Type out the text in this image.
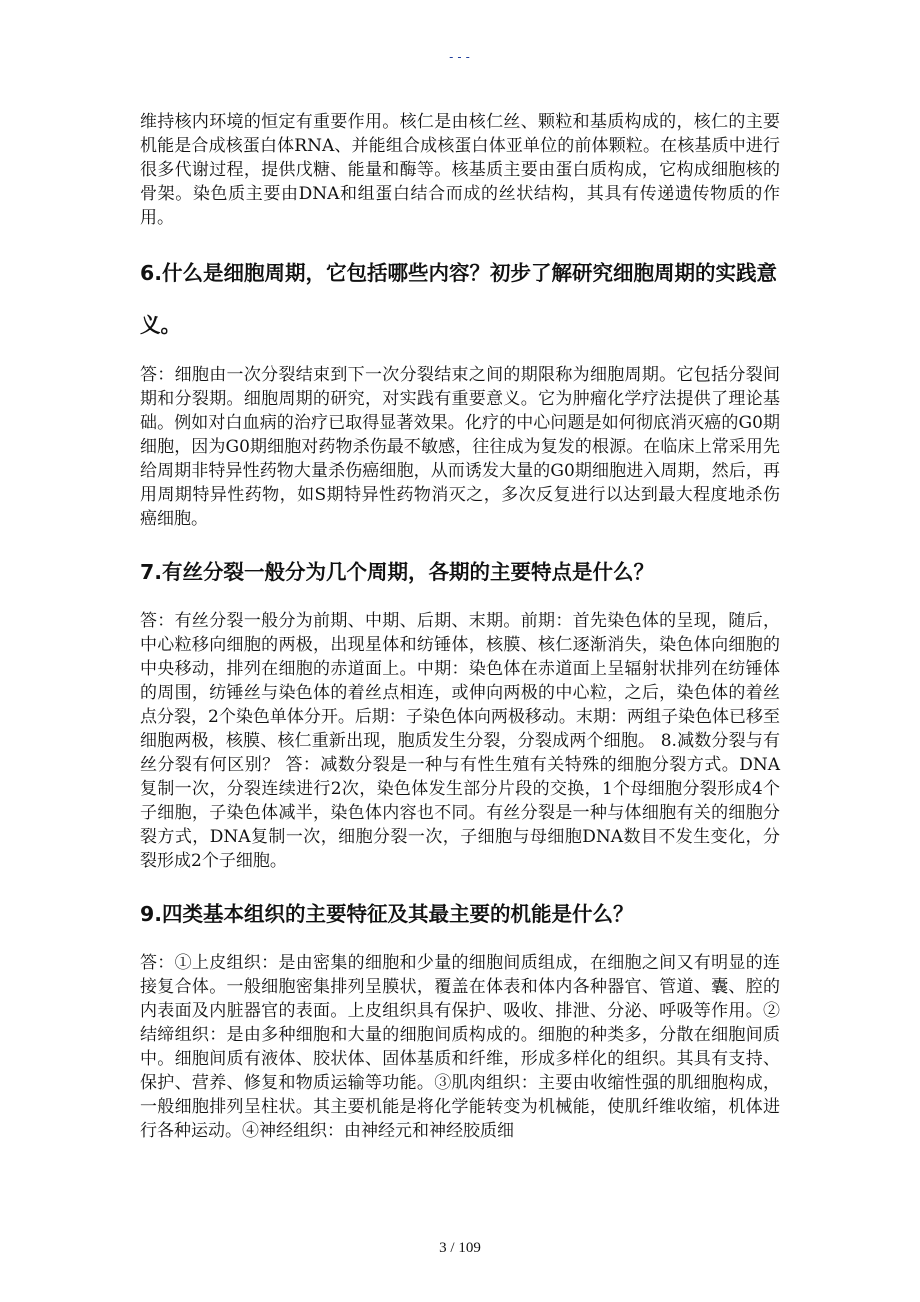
---

维持核内环境的恒定有重要作用。核仁是由核仁丝、颗粒和基质构成的，核仁的主要机能是合成核蛋白体RNA、并能组合成核蛋白体亚单位的前体颗粒。在核基质中进行很多代谢过程，提供戊糖、能量和酶等。核基质主要由蛋白质构成，它构成细胞核的骨架。染色质主要由DNA和组蛋白结合而成的丝状结构，其具有传递遗传物质的作用。

6.什么是细胞周期，它包括哪些内容？初步了解研究细胞周期的实践意义。

答：细胞由一次分裂结束到下一次分裂结束之间的期限称为细胞周期。它包括分裂间期和分裂期。细胞周期的研究，对实践有重要意义。它为肿瘤化学疗法提供了理论基础。例如对白血病的治疗已取得显著效果。化疗的中心问题是如何彻底消灭癌的G0期细胞，因为G0期细胞对药物杀伤最不敏感，往往成为复发的根源。在临床上常采用先给周期非特异性药物大量杀伤癌细胞，从而诱发大量的G0期细胞进入周期，然后，再用周期特异性药物，如S期特异性药物消灭之，多次反复进行以达到最大程度地杀伤癌细胞。

7.有丝分裂一般分为几个周期，各期的主要特点是什么？

答：有丝分裂一般分为前期、中期、后期、末期。前期：首先染色体的呈现，随后，中心粒移向细胞的两极，出现星体和纺锤体，核膜、核仁逐渐消失，染色体向细胞的中央移动，排列在细胞的赤道面上。中期：染色体在赤道面上呈辐射状排列在纺锤体的周围，纺锤丝与染色体的着丝点相连，或伸向两极的中心粒，之后，染色体的着丝点分裂，2个染色单体分开。后期：子染色体向两极移动。末期：两组子染色体已移至细胞两极，核膜、核仁重新出现，胞质发生分裂，分裂成两个细胞。 8.减数分裂与有丝分裂有何区别？ 答：减数分裂是一种与有性生殖有关特殊的细胞分裂方式。DNA复制一次，分裂连续进行2次，染色体发生部分片段的交换，1个母细胞分裂形成4个子细胞，子染色体减半，染色体内容也不同。有丝分裂是一种与体细胞有关的细胞分裂方式，DNA复制一次，细胞分裂一次，子细胞与母细胞DNA数目不发生变化，分裂形成2个子细胞。

9.四类基本组织的主要特征及其最主要的机能是什么？

答：①上皮组织：是由密集的细胞和少量的细胞间质组成，在细胞之间又有明显的连接复合体。一般细胞密集排列呈膜状，覆盖在体表和体内各种器官、管道、囊、腔的内表面及内脏器官的表面。上皮组织具有保护、吸收、排泄、分泌、呼吸等作用。②结缔组织：是由多种细胞和大量的细胞间质构成的。细胞的种类多，分散在细胞间质中。细胞间质有液体、胶状体、固体基质和纤维，形成多样化的组织。其具有支持、保护、营养、修复和物质运输等功能。③肌肉组织：主要由收缩性强的肌细胞构成，一般细胞排列呈柱状。其主要机能是将化学能转变为机械能，使肌纤维收缩，机体进行各种运动。④神经组织：由神经元和神经胶质细

3 / 109
